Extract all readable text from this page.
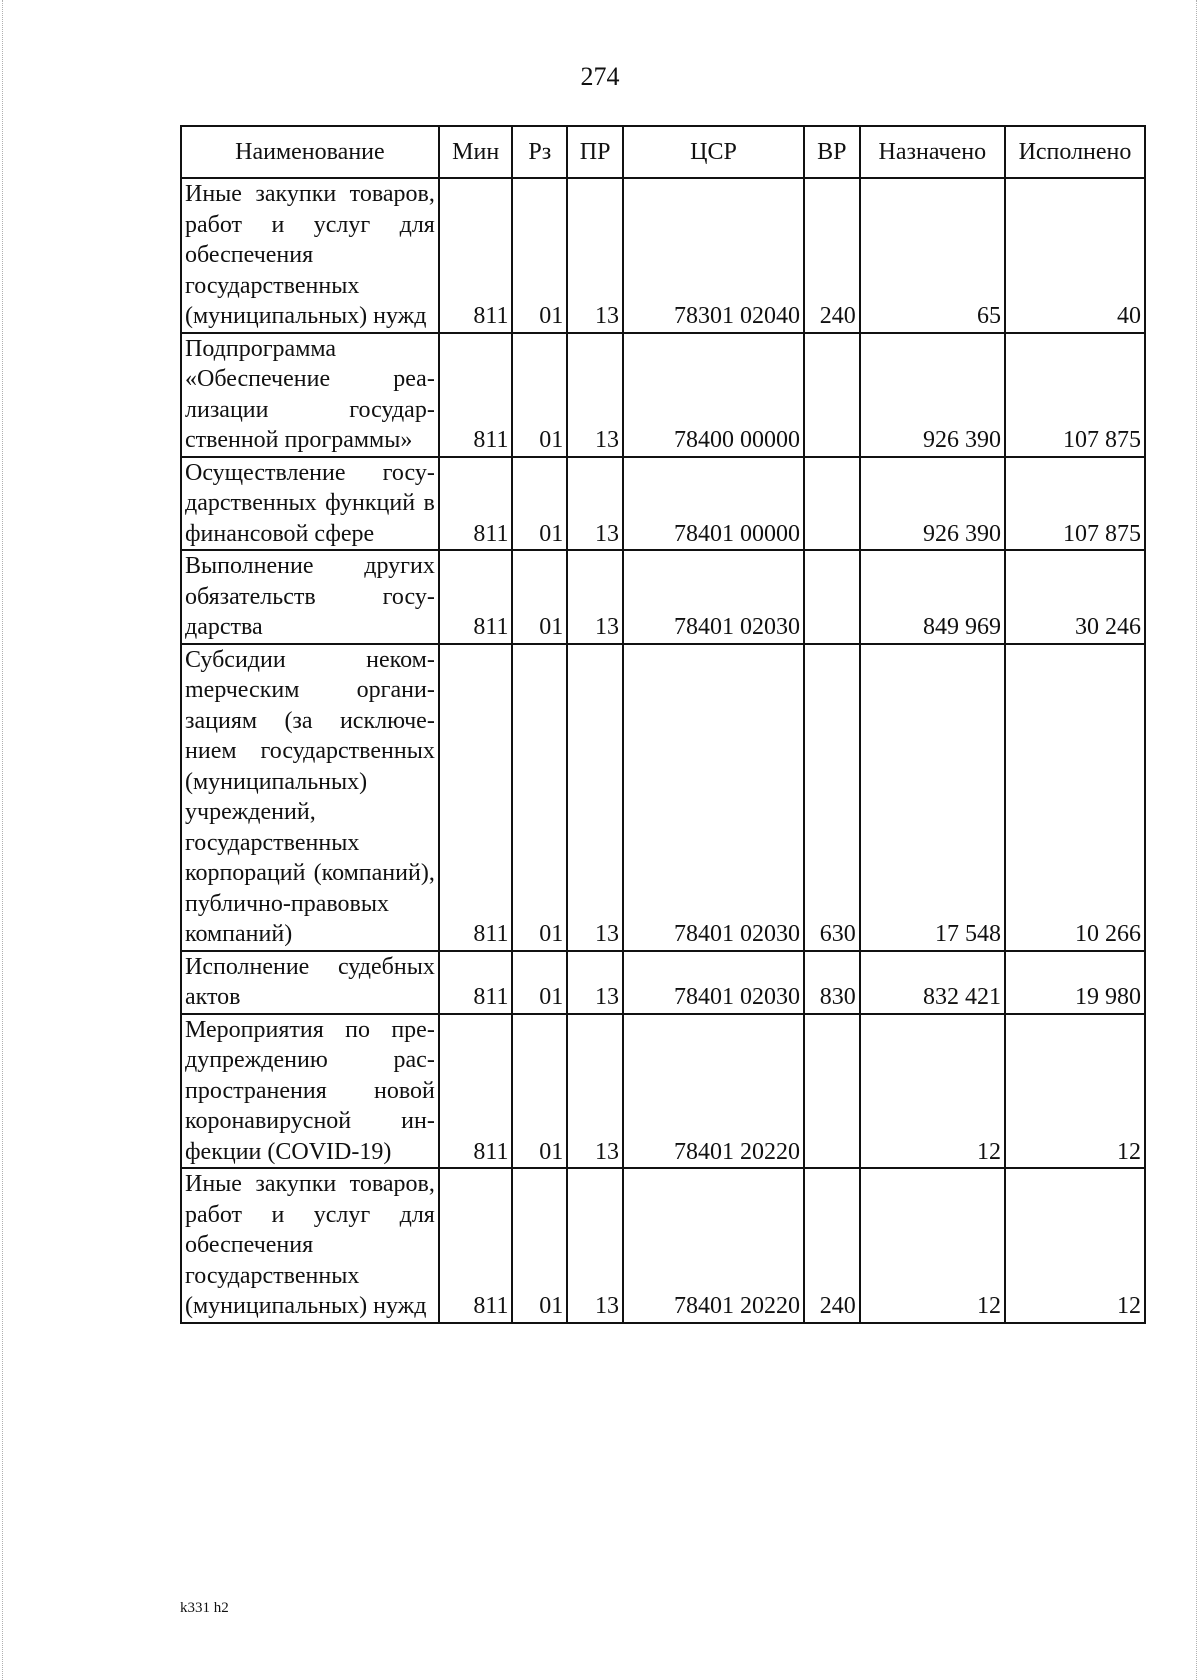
274
Наименование	Мин	Рз	ПР	ЦСР	ВР	Назначено	Исполнено
Иные закупки товаров, работ и услуг для обеспечения государственных (муниципальных) нужд	811	01	13	78301 02040	240	65	40
Подпрограмма «Обеспечение реализации государственной программы»	811	01	13	78400 00000		926 390	107 875
Осуществление государственных функций в финансовой сфере	811	01	13	78401 00000		926 390	107 875
Выполнение других обязательств государства	811	01	13	78401 02030		849 969	30 246
Субсидии некомmерческим организациям (за исключением государственных (муниципальных) учреждений, государственных корпораций (компаний), публично-правовых компаний)	811	01	13	78401 02030	630	17 548	10 266
Исполнение судебных актов	811	01	13	78401 02030	830	832 421	19 980
Мероприятия по предупреждению распространения новой коронавирусной инфекции (COVID-19)	811	01	13	78401 20220		12	12
Иные закупки товаров, работ и услуг для обеспечения государственных (муниципальных) нужд	811	01	13	78401 20220	240	12	12
k331 h2
